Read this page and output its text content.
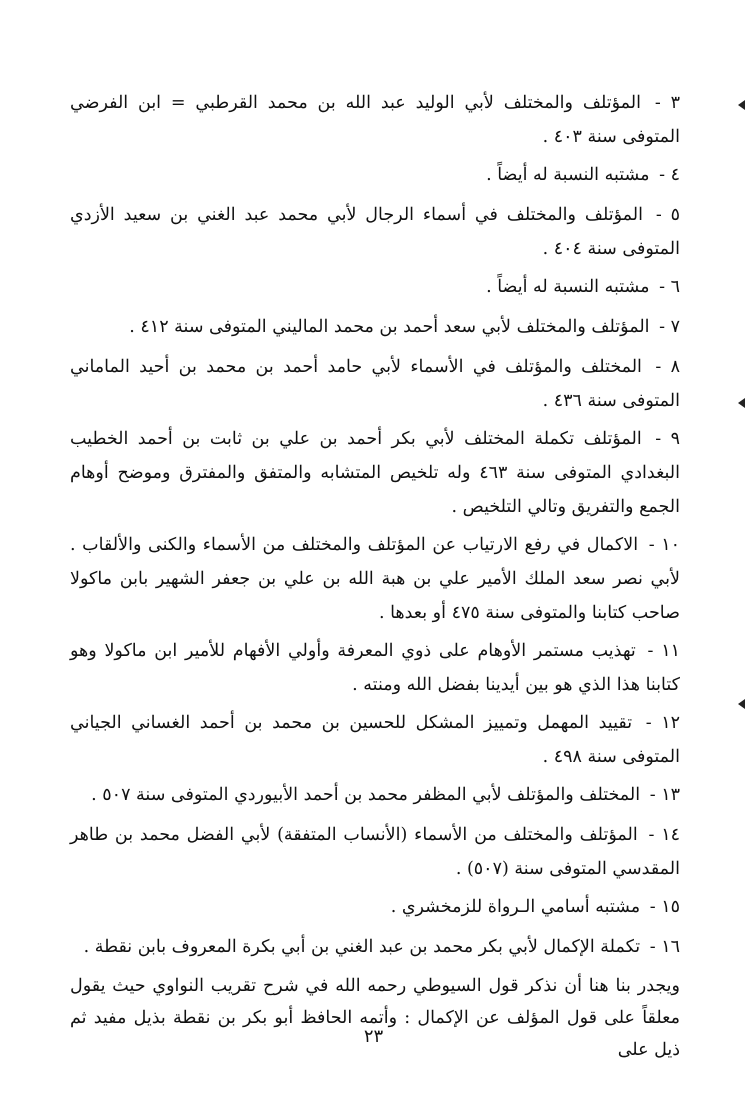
٣ - المؤتلف والمختلف لأبي الوليد عبد الله بن محمد القرطبي = ابن الفرضي المتوفى سنة ٤٠٣ .
٤ - مشتبه النسبة له أيضاً .
٥ - المؤتلف والمختلف في أسماء الرجال لأبي محمد عبد الغني بن سعيد الأزدي المتوفى سنة ٤٠٤ .
٦ - مشتبه النسبة له أيضاً .
٧ - المؤتلف والمختلف لأبي سعد أحمد بن محمد الماليني المتوفى سنة ٤١٢ .
٨ - المختلف والمؤتلف في الأسماء لأبي حامد أحمد بن محمد بن أحيد الماماني المتوفى سنة ٤٣٦ .
٩ - المؤتلف تكملة المختلف لأبي بكر أحمد بن علي بن ثابت بن أحمد الخطيب البغدادي المتوفى سنة ٤٦٣ وله تلخيص المتشابه والمتفق والمفترق وموضح أوهام الجمع والتفريق وتالي التلخيص .
١٠ - الاكمال في رفع الارتياب عن المؤتلف والمختلف من الأسماء والكنى والألقاب . لأبي نصر سعد الملك الأمير علي بن هبة الله بن علي بن جعفر الشهير بابن ماكولا صاحب كتابنا والمتوفى سنة ٤٧٥ أو بعدها .
١١ - تهذيب مستمر الأوهام على ذوي المعرفة وأولي الأفهام للأمير ابن ماكولا وهو كتابنا هذا الذي هو بين أيدينا بفضل الله ومنته .
١٢ - تقييد المهمل وتمييز المشكل للحسين بن محمد بن أحمد الغساني الجياني المتوفى سنة ٤٩٨ .
١٣ - المختلف والمؤتلف لأبي المظفر محمد بن أحمد الأبيوردي المتوفى سنة ٥٠٧ .
١٤ - المؤتلف والمختلف من الأسماء (الأنساب المتفقة) لأبي الفضل محمد بن طاهر المقدسي المتوفى سنة (٥٠٧) .
١٥ - مشتبه أسامي الـرواة للزمخشري .
١٦ - تكملة الإكمال لأبي بكر محمد بن عبد الغني بن أبي بكرة المعروف بابن نقطة .
ويجدر بنا هنا أن نذكر قول السيوطي رحمه الله في شرح تقريب النواوي حيث يقول معلقاً على قول المؤلف عن الإكمال : وأتمه الحافظ أبو بكر بن نقطة بذيل مفيد ثم ذيل على
٢٣
